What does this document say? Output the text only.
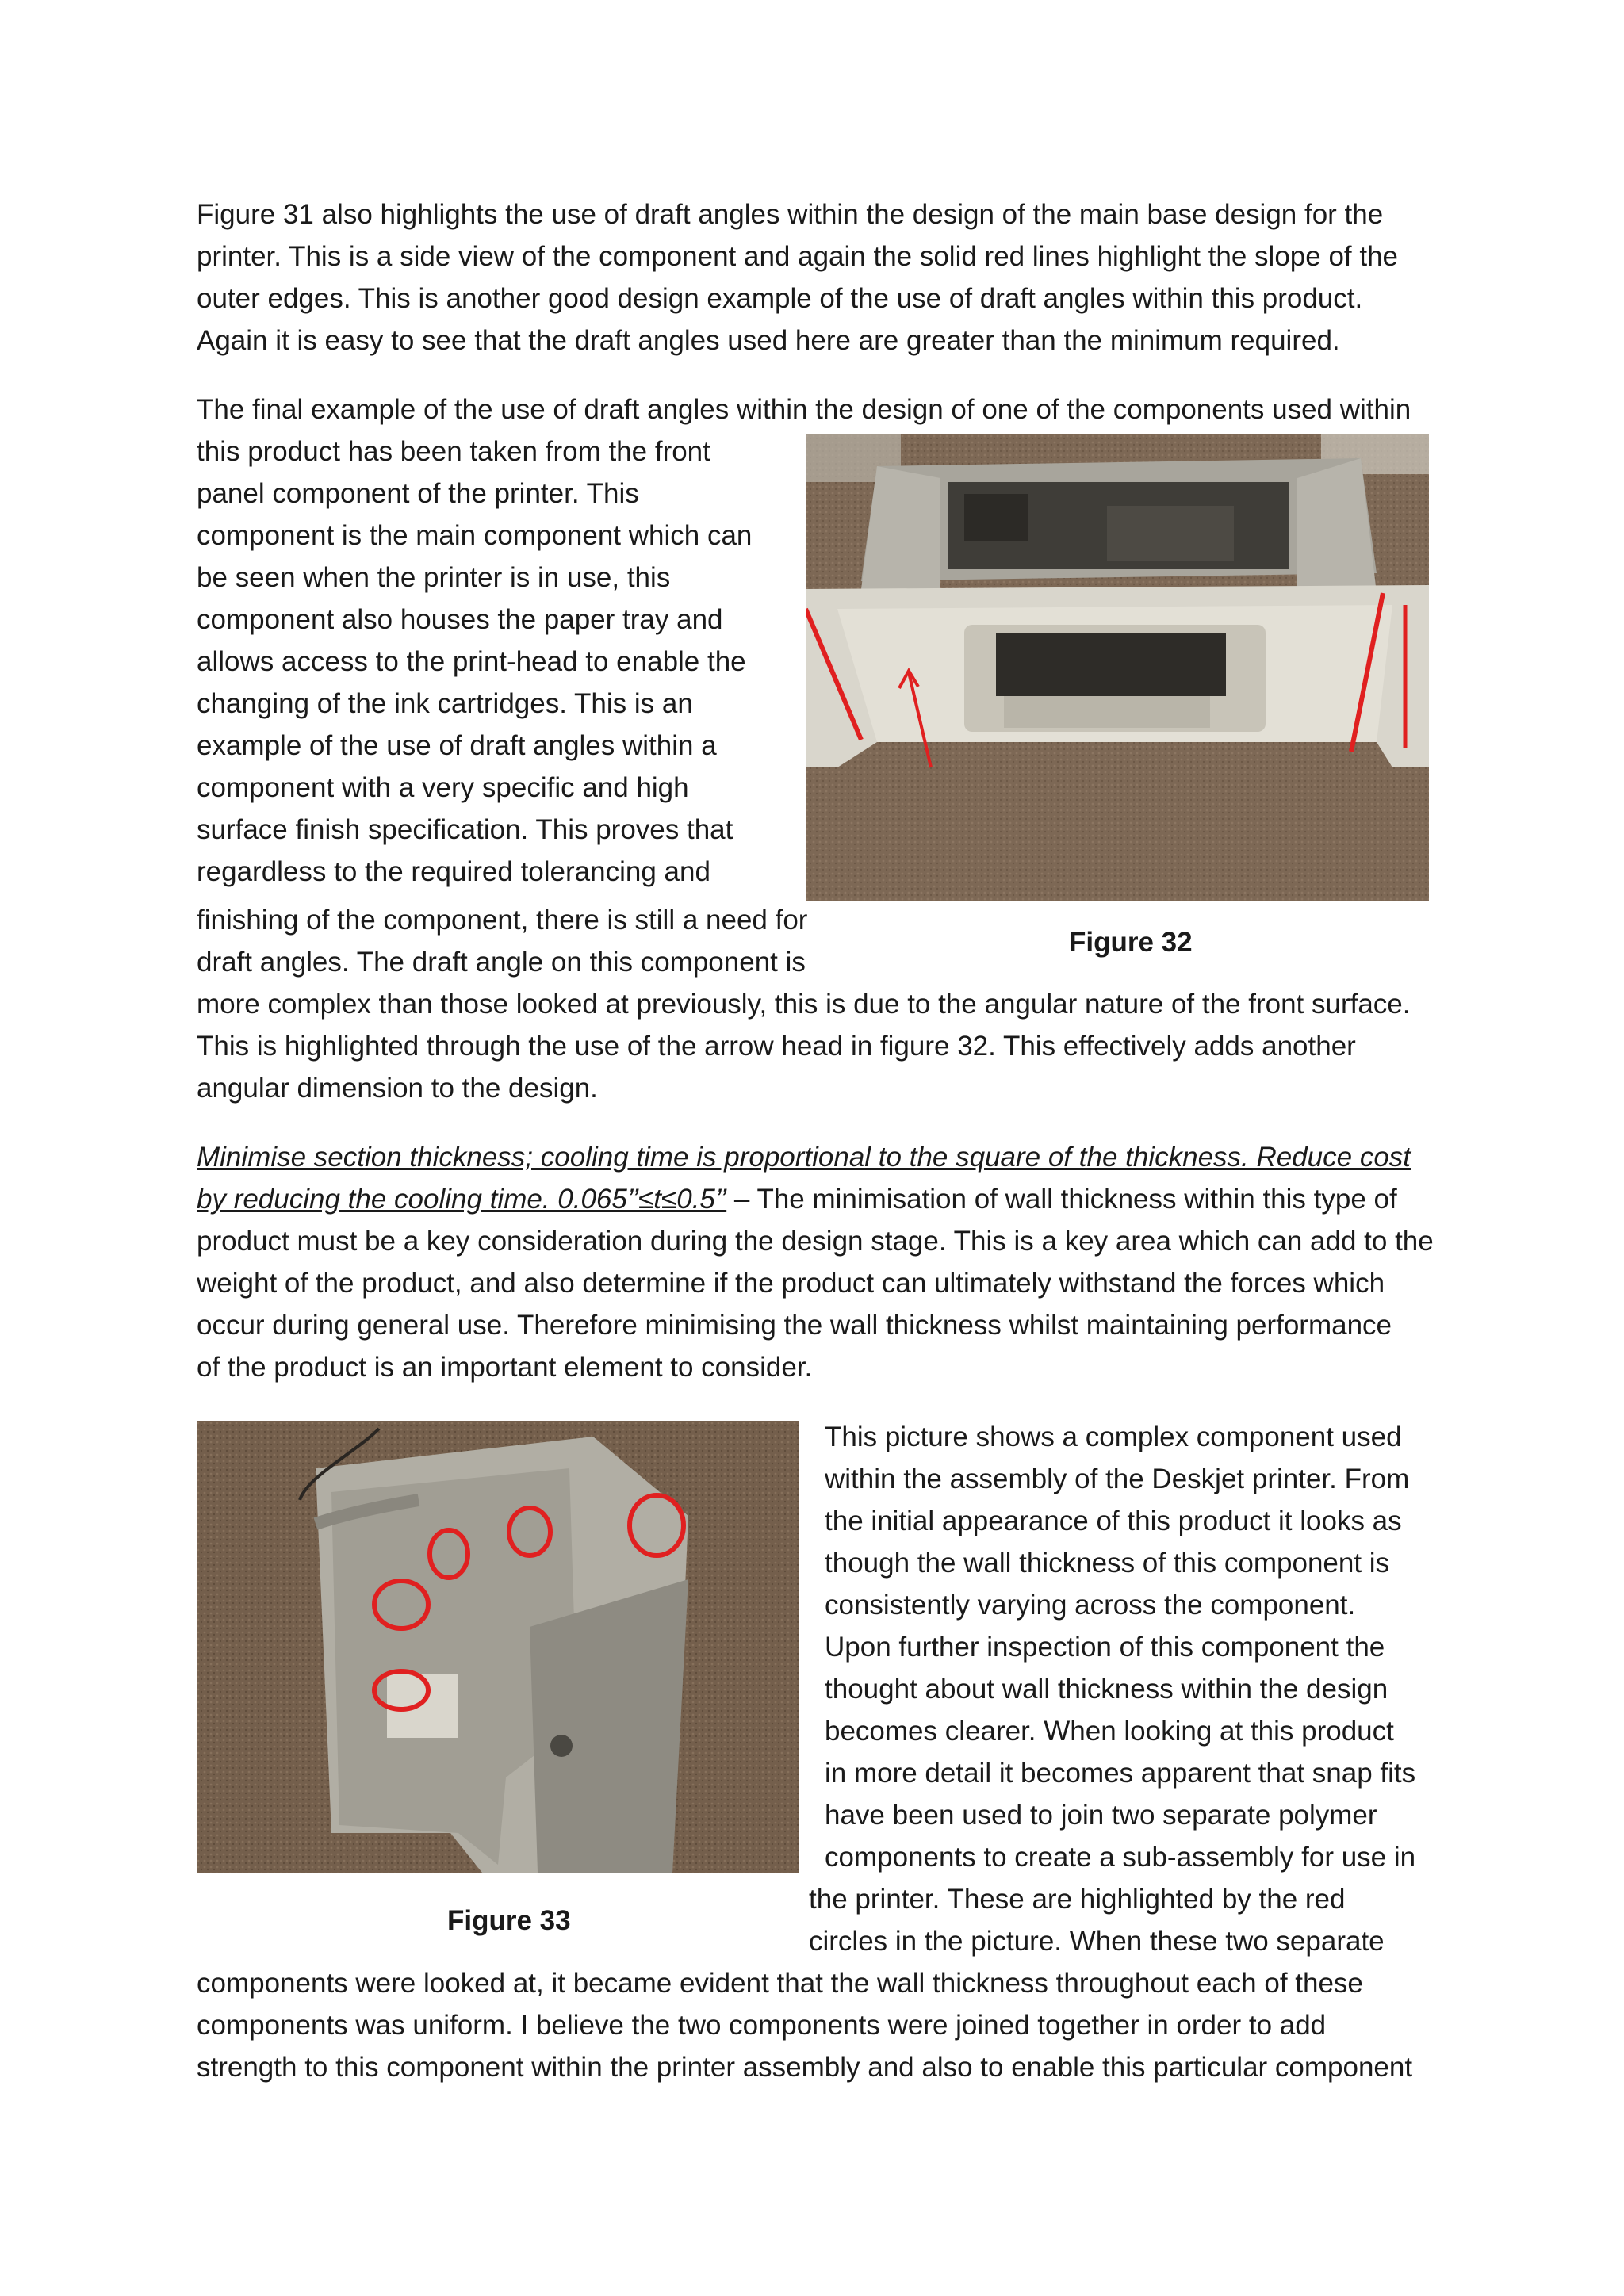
Figure 31 also highlights the use of draft angles within the design of the main base design for the
printer. This is a side view of the component and again the solid red lines highlight the slope of the
outer edges. This is another good design example of the use of draft angles within this product.
Again it is easy to see that the draft angles used here are greater than the minimum required.
The final example of the use of draft angles within the design of one of the components used within
this product has been taken from the front
panel component of the printer. This
component is the main component which can
be seen when the printer is in use, this
component also houses the paper tray and
allows access to the print-head to enable the
changing of the ink cartridges. This is an
example of the use of draft angles within a
component with a very specific and high
surface finish specification. This proves that
regardless to the required tolerancing and
finishing of the component, there is still a need for
draft angles. The draft angle on this component is
more complex than those looked at previously, this is due to the angular nature of the front surface.
This is highlighted through the use of the arrow head in figure 32. This effectively adds another
angular dimension to the design.
Figure 32
Minimise section thickness; cooling time is proportional to the square of the thickness. Reduce cost
by reducing the cooling time. 0.065’’≤t≤0.5’’ – The minimisation of wall thickness within this type of
product must be a key consideration during the design stage. This is a key area which can add to the
weight of the product, and also determine if the product can ultimately withstand the forces which
occur during general use. Therefore minimising the wall thickness whilst maintaining performance
of the product is an important element to consider.
Figure 33
This picture shows a complex component used
within the assembly of the Deskjet printer. From
the initial appearance of this product it looks as
though the wall thickness of this component is
consistently varying across the component.
Upon further inspection of this component the
thought about wall thickness within the design
becomes clearer. When looking at this product
in more detail it becomes apparent that snap fits
have been used to join two separate polymer
components to create a sub-assembly for use in
the printer. These are highlighted by the red
circles in the picture. When these two separate
components were looked at, it became evident that the wall thickness throughout each of these
components was uniform. I believe the two components were joined together in order to add
strength to this component within the printer assembly and also to enable this particular component
